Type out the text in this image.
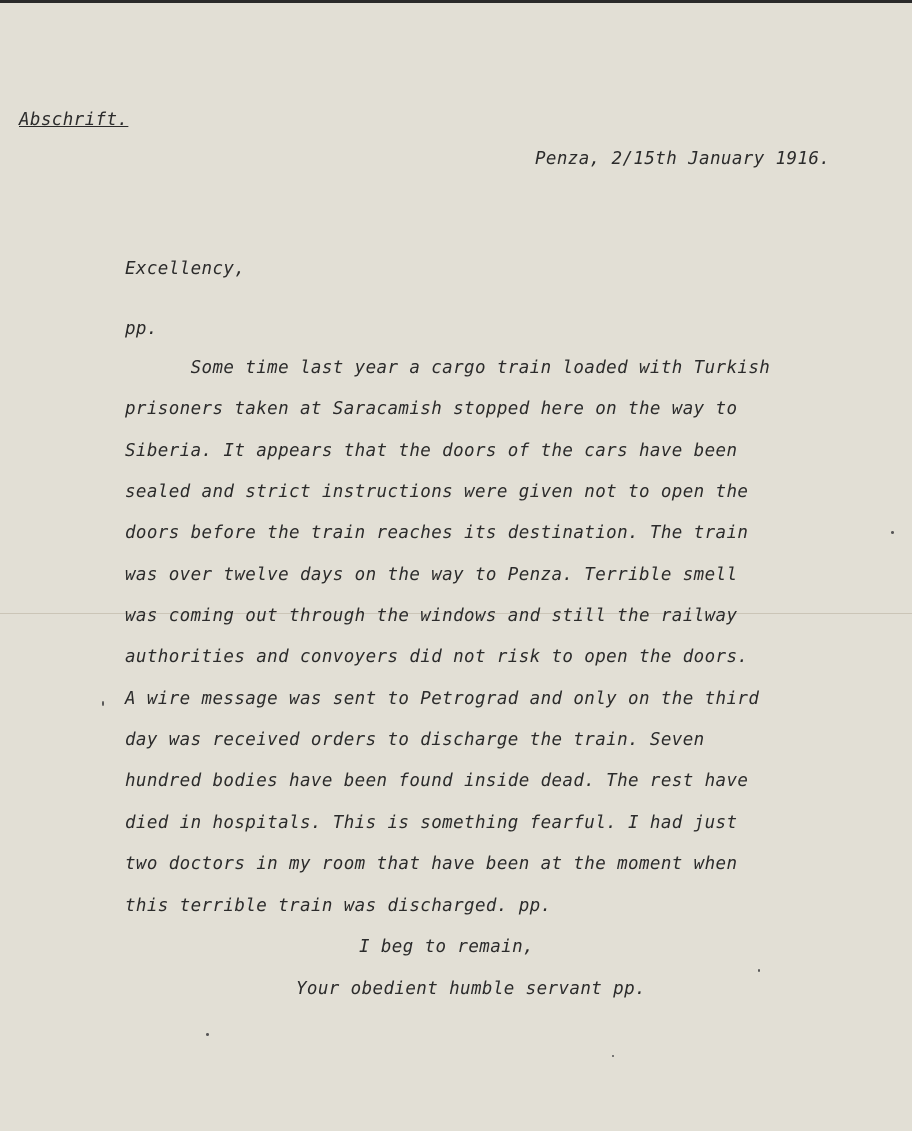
Abschrift.
Penza, 2/15th January 1916.
Excellency,
pp.
Some time last year a cargo train loaded with Turkish
prisoners taken at Saracamish stopped here on the way to
Siberia. It appears that the doors of the cars have been
sealed and strict instructions were given not to open the
doors before the train reaches its destination. The train
was over twelve days on the way to Penza. Terrible smell
was coming out through the windows and still the railway
authorities and convoyers did not risk to open the doors.
A wire message was sent to Petrograd and only on the third
day was received orders to discharge the train. Seven
hundred bodies have been found inside dead. The rest have
died in hospitals. This is something fearful. I had just
two doctors in my room that have been at the moment when
this terrible train was discharged. pp.
I beg to remain,
Your obedient humble servant pp.
